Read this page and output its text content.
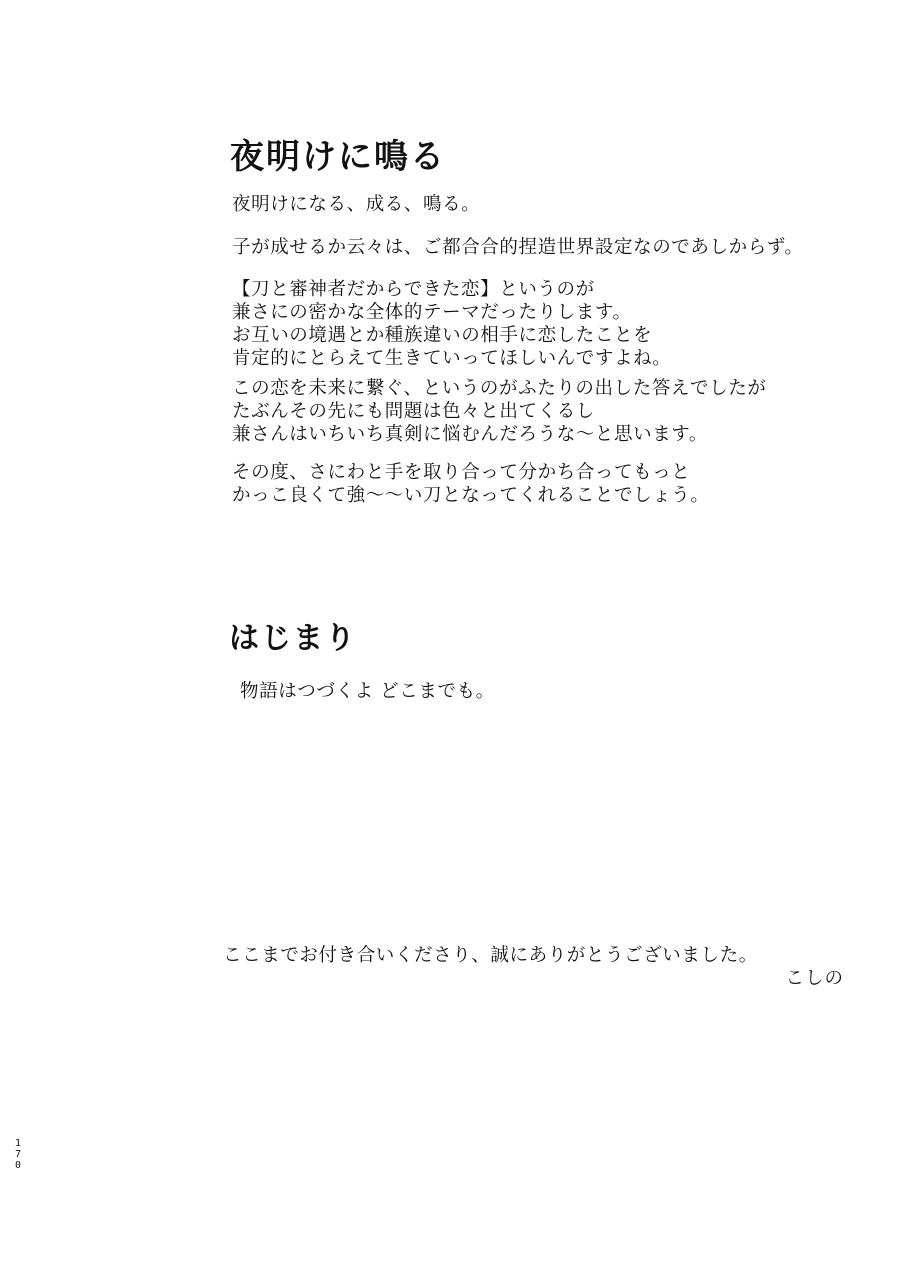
夜明けに鳴る
夜明けになる、成る、鳴る。
子が成せるか云々は、ご都合合的捏造世界設定なのであしからず。
【刀と審神者だからできた恋】というのが
兼さにの密かな全体的テーマだったりします。
お互いの境遇とか種族違いの相手に恋したことを
肯定的にとらえて生きていってほしいんですよね。
この恋を未来に繋ぐ、というのがふたりの出した答えでしたが
たぶんその先にも問題は色々と出てくるし
兼さんはいちいち真剣に悩むんだろうな～と思います。
その度、さにわと手を取り合って分かち合ってもっと
かっこ良くて強～～い刀となってくれることでしょう。
はじまり
物語はつづくよ どこまでも。
ここまでお付き合いくださり、誠にありがとうございました。
こしの
170
